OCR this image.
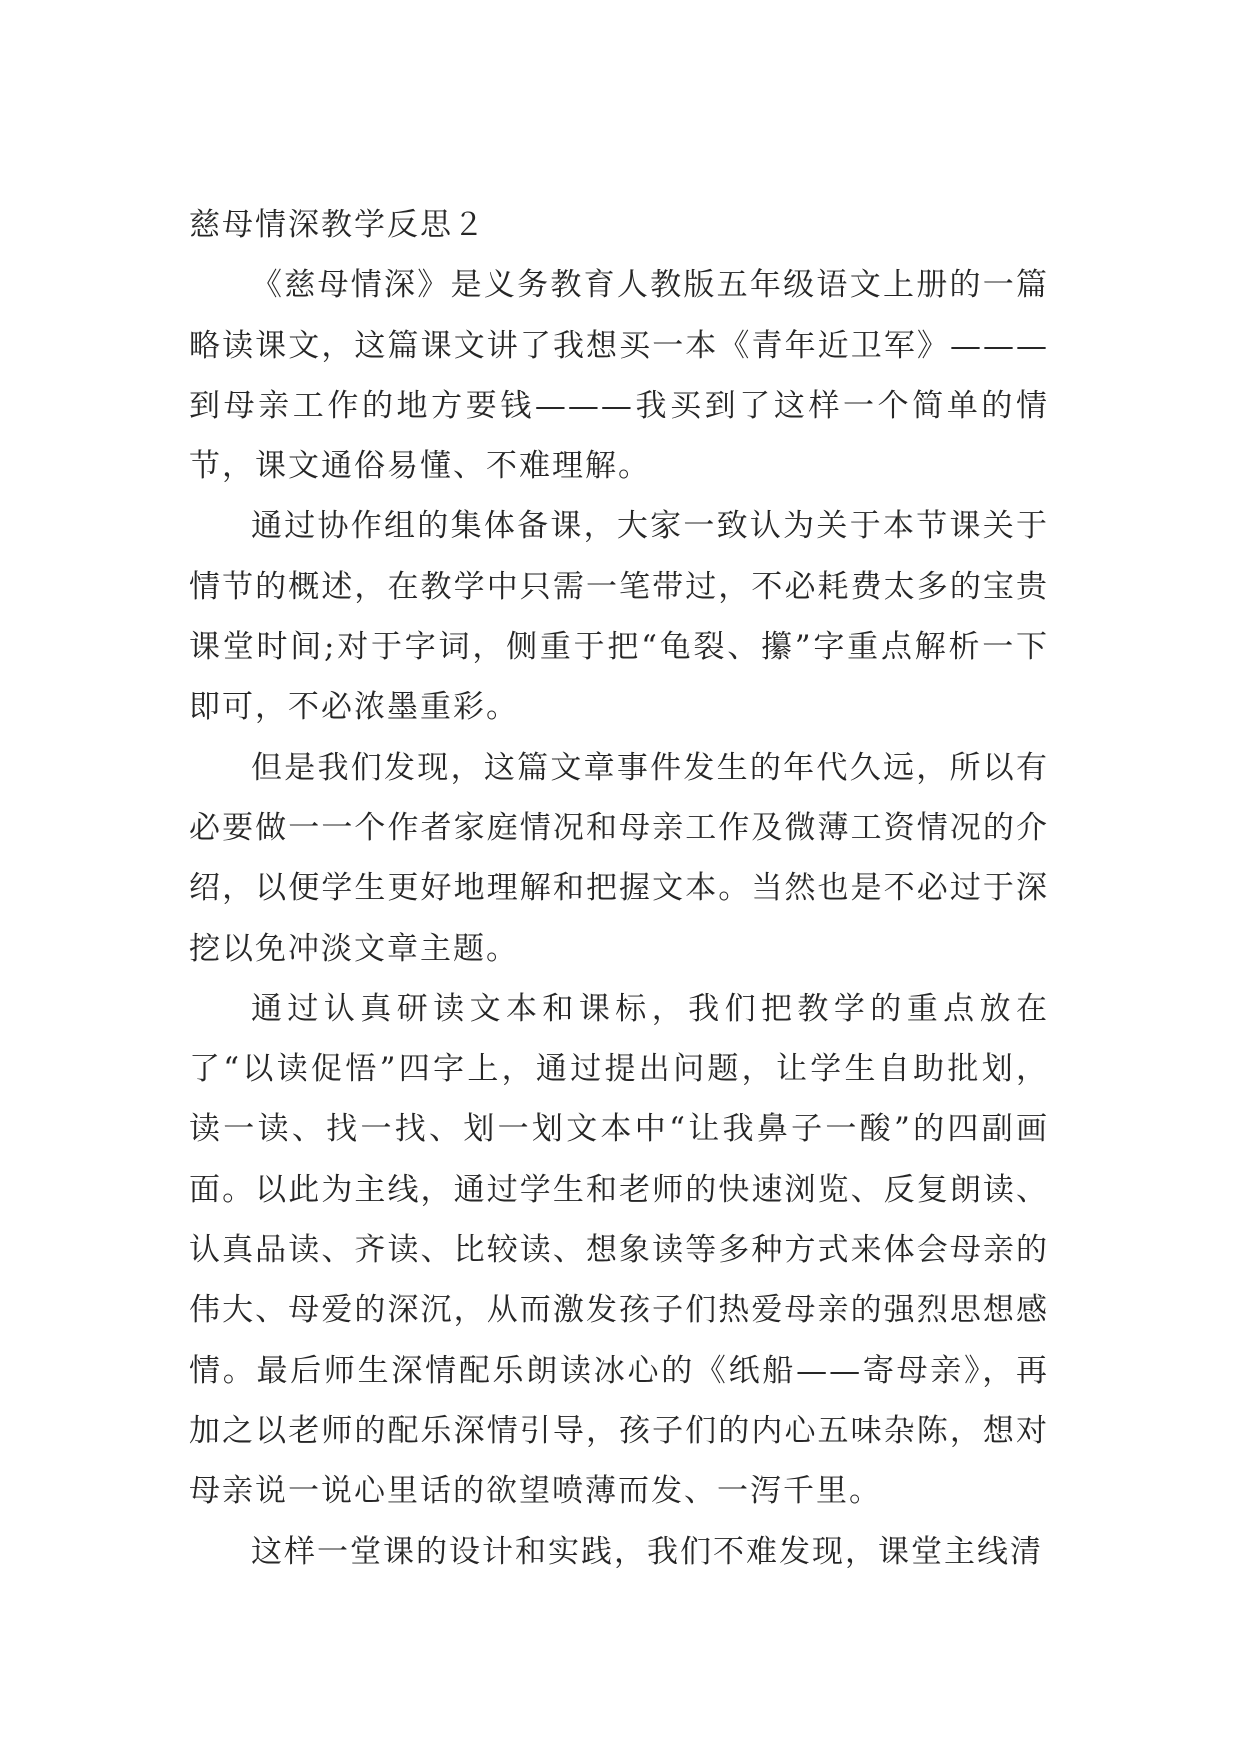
慈母情深教学反思２

《慈母情深》是义务教育人教版五年级语文上册的一篇略读课文，这篇课文讲了我想买一本《青年近卫军》———到母亲工作的地方要钱———我买到了这样一个简单的情节，课文通俗易懂、不难理解。

通过协作组的集体备课，大家一致认为关于本节课关于情节的概述，在教学中只需一笔带过，不必耗费太多的宝贵课堂时间;对于字词，侧重于把“龟裂、攥”字重点解析一下即可，不必浓墨重彩。

但是我们发现，这篇文章事件发生的年代久远，所以有必要做一一个作者家庭情况和母亲工作及微薄工资情况的介绍，以便学生更好地理解和把握文本。当然也是不必过于深挖以免冲淡文章主题。

通过认真研读文本和课标，我们把教学的重点放在了“以读促悟”四字上，通过提出问题，让学生自助批划，读一读、找一找、划一划文本中“让我鼻子一酸”的四副画面。以此为主线，通过学生和老师的快速浏览、反复朗读、认真品读、齐读、比较读、想象读等多种方式来体会母亲的伟大、母爱的深沉，从而激发孩子们热爱母亲的强烈思想感情。最后师生深情配乐朗读冰心的《纸船——寄母亲》，再加之以老师的配乐深情引导，孩子们的内心五味杂陈，想对母亲说一说心里话的欲望喷薄而发、一泻千里。

这样一堂课的设计和实践，我们不难发现，课堂主线清
